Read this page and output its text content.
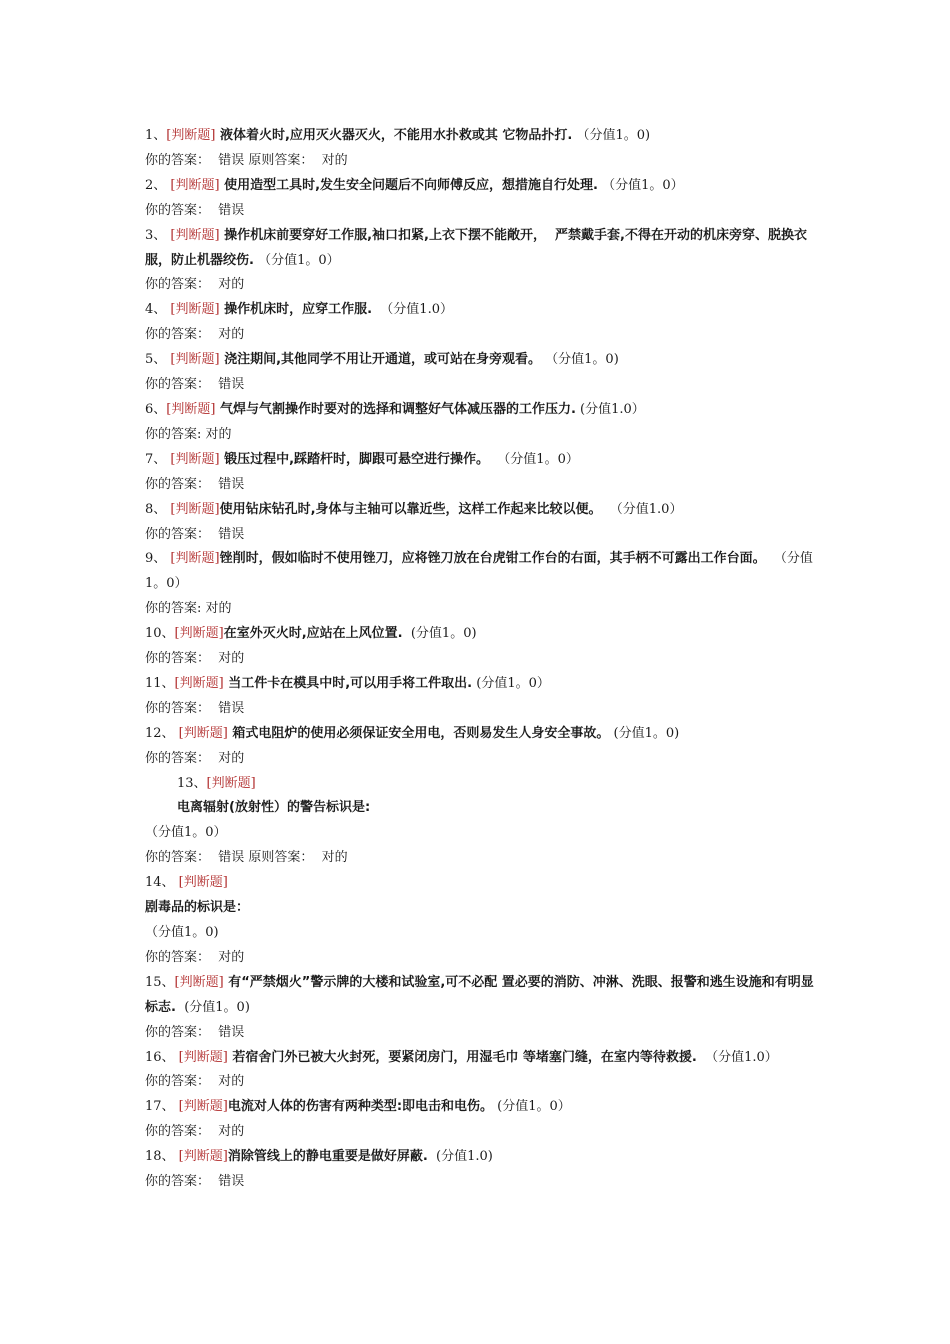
1、[判断题] 液体着火时,应用灭火器灭火，不能用水扑救或其 它物品扑打. （分值1。0)
你的答案：  错误 原则答案：  对的
2、 [判断题] 使用造型工具时,发生安全问题后不向师傅反应，想措施自行处理. （分值1。0）
你的答案：  错误
3、 [判断题] 操作机床前要穿好工作服,袖口扣紧,上衣下摆不能敞开，  严禁戴手套,不得在开动的机床旁穿、脱换衣服，防止机器绞伤. （分值1。0）
你的答案：  对的
4、 [判断题] 操作机床时，应穿工作服.  （分值1.0）
你的答案：  对的
5、 [判断题] 浇注期间,其他同学不用让开通道，或可站在身旁观看。 （分值1。0)
你的答案：  错误
6、[判断题] 气焊与气割操作时要对的选择和调整好气体减压器的工作压力. (分值1.0）
你的答案: 对的
7、 [判断题] 锻压过程中,踩踏杆时，脚跟可悬空进行操作。  （分值1。0）
你的答案：  错误
8、 [判断题]使用钻床钻孔时,身体与主轴可以靠近些，这样工作起来比较以便。  （分值1.0）
你的答案：  错误
9、 [判断题]锉削时，假如临时不使用锉刀，应将锉刀放在台虎钳工作台的右面，其手柄不可露出工作台面。  （分值1。0）
你的答案: 对的
10、[判断题]在室外灭火时,应站在上风位置.  (分值1。0)
你的答案：  对的
11、[判断题] 当工件卡在模具中时,可以用手将工件取出. (分值1。0）
你的答案：  错误
12、 [判断题] 箱式电阻炉的使用必须保证安全用电，否则易发生人身安全事故。 (分值1。0)
你的答案：  对的
13、[判断题]
电离辐射(放射性）的警告标识是:
（分值1。0）
你的答案：  错误 原则答案：  对的
14、 [判断题]
剧毒品的标识是：
（分值1。0)
你的答案：  对的
15、[判断题] 有“严禁烟火”警示牌的大楼和试验室,可不必配 置必要的消防、冲淋、洗眼、报警和逃生设施和有明显标志.  (分值1。0)
你的答案：  错误
16、 [判断题] 若宿舍门外已被大火封死，要紧闭房门，用湿毛巾 等堵塞门缝，在室内等待救援.  （分值1.0）
你的答案：  对的
17、 [判断题]电流对人体的伤害有两种类型:即电击和电伤。 (分值1。0）
你的答案：  对的
18、 [判断题]消除管线上的静电重要是做好屏蔽.  (分值1.0)
你的答案：  错误
